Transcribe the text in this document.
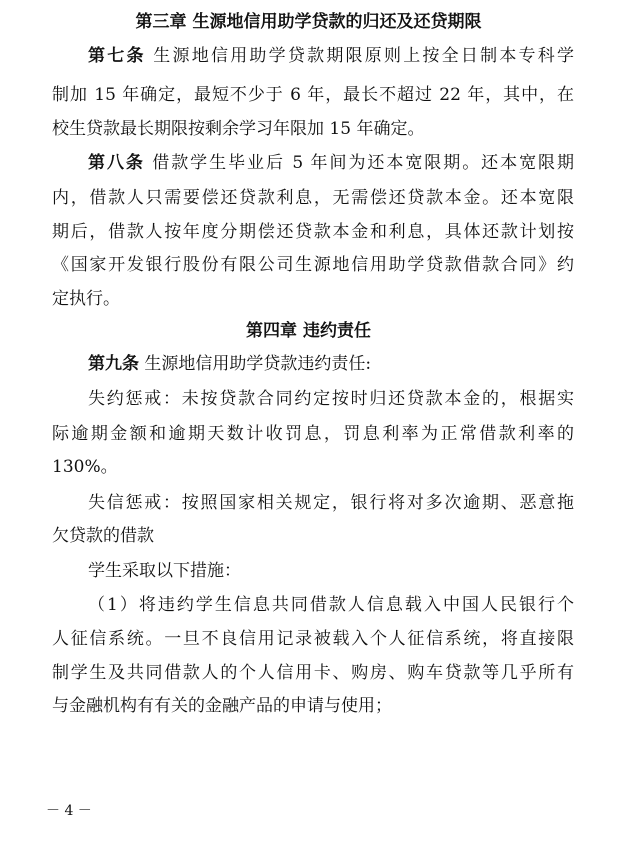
第三章 生源地信用助学贷款的归还及还贷期限
第七条 生源地信用助学贷款期限原则上按全日制本专科学
制加 15 年确定，最短不少于 6 年，最长不超过 22 年，其中，在
校生贷款最长期限按剩余学习年限加 15 年确定。
第八条 借款学生毕业后 5 年间为还本宽限期。还本宽限期
内，借款人只需要偿还贷款利息，无需偿还贷款本金。还本宽限
期后，借款人按年度分期偿还贷款本金和利息，具体还款计划按
《国家开发银行股份有限公司生源地信用助学贷款借款合同》约
定执行。
第四章 违约责任
第九条 生源地信用助学贷款违约责任:
失约惩戒：未按贷款合同约定按时归还贷款本金的，根据实
际逾期金额和逾期天数计收罚息，罚息利率为正常借款利率的
130%。
失信惩戒：按照国家相关规定，银行将对多次逾期、恶意拖
欠贷款的借款
学生采取以下措施：
（1）将违约学生信息共同借款人信息载入中国人民银行个
人征信系统。一旦不良信用记录被载入个人征信系统，将直接限
制学生及共同借款人的个人信用卡、购房、购车贷款等几乎所有
与金融机构有有关的金融产品的申请与使用；
－ 4 －
